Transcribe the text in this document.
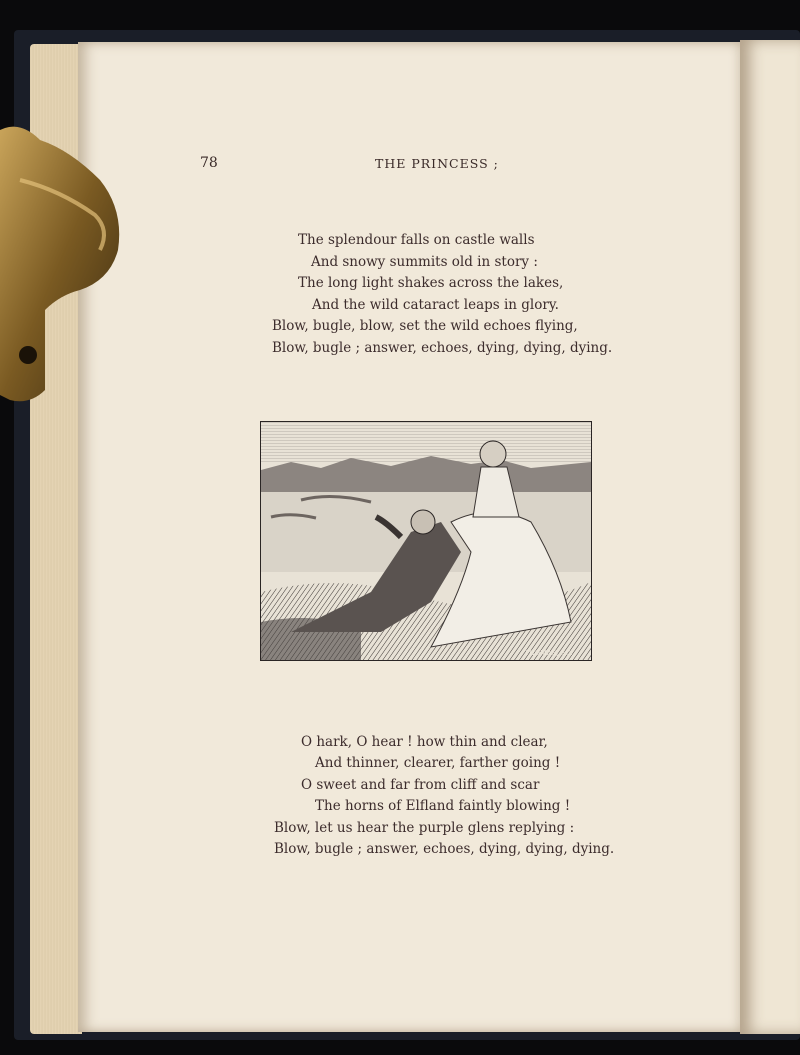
78	THE PRINCESS ;
The splendour falls on castle walls
And snowy summits old in story :
The long light shakes across the lakes,
And the wild cataract leaps in glory.
Blow, bugle, blow, set the wild echoes flying,
Blow, bugle ; answer, echoes, dying, dying, dying.
THOMAS, SC.
O hark, O hear ! how thin and clear,
And thinner, clearer, farther going !
O sweet and far from cliff and scar
The horns of Elfland faintly blowing !
Blow, let us hear the purple glens replying :
Blow, bugle ; answer, echoes, dying, dying, dying.
